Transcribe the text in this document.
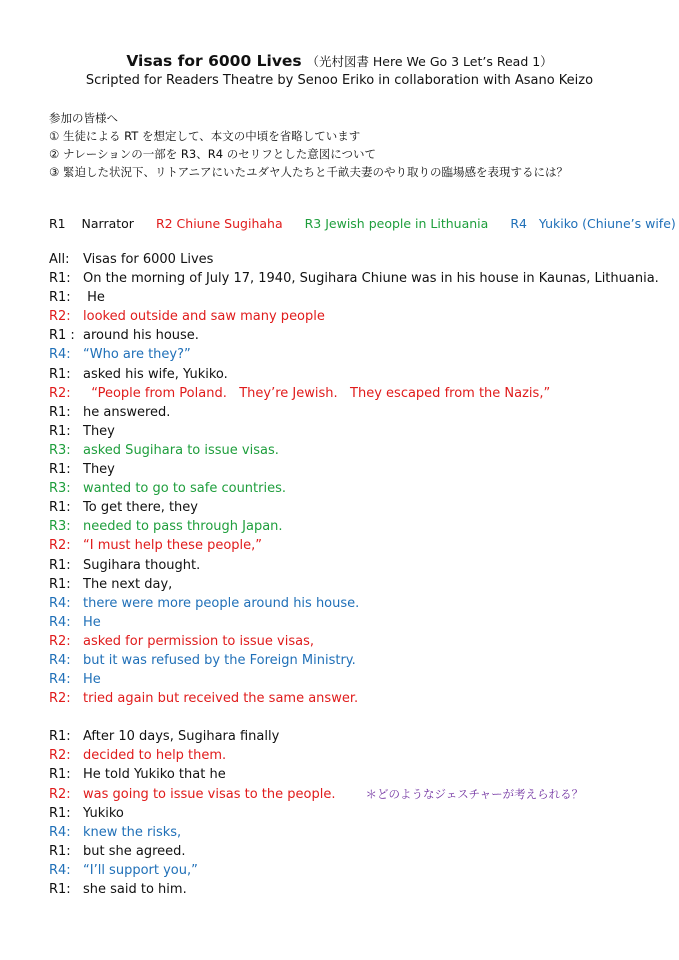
Visas for 6000 Lives （光村図書 Here We Go 3 Let’s Read 1）
Scripted for Readers Theatre by Senoo Eriko in collaboration with Asano Keizo
参加の皆様へ
① 生徒による RT を想定して、本文の中頃を省略しています
② ナレーションの一部を R3、R4 のセリフとした意図について
③ 緊迫した状況下、リトアニアにいたユダヤ人たちと千畝夫妻のやり取りの臨場感を表現するには？
R1    Narrator R2 Chiune Sugihaha R3 Jewish people in Lithuania R4   Yukiko (Chiune’s wife)
All:	Visas for 6000 Lives
R1: On the morning of July 17, 1940, Sugihara Chiune was in his house in Kaunas, Lithuania.
R1: He
R2: looked outside and saw many people
R1 : around his house.
R4: “Who are they?”
R1: asked his wife, Yukiko.
R2: “People from Poland.   They’re Jewish.   They escaped from the Nazis,”
R1: he answered.
R1: They
R3: asked Sugihara to issue visas.
R1: They
R3: wanted to go to safe countries.
R1: To get there, they
R3: needed to pass through Japan.
R2: “I must help these people,”
R1: Sugihara thought.
R1: The next day,
R4: there were more people around his house.
R4: He
R2: asked for permission to issue visas,
R4: but it was refused by the Foreign Ministry.
R4: He
R2: tried again but received the same answer.
R1: After 10 days, Sugihara finally
R2: decided to help them.
R1: He told Yukiko that he
R2: was going to issue visas to the people.	＊どのようなジェスチャーが考えられる？
R1: Yukiko
R4: knew the risks,
R1: but she agreed.
R4: “I’ll support you,”
R1: she said to him.
